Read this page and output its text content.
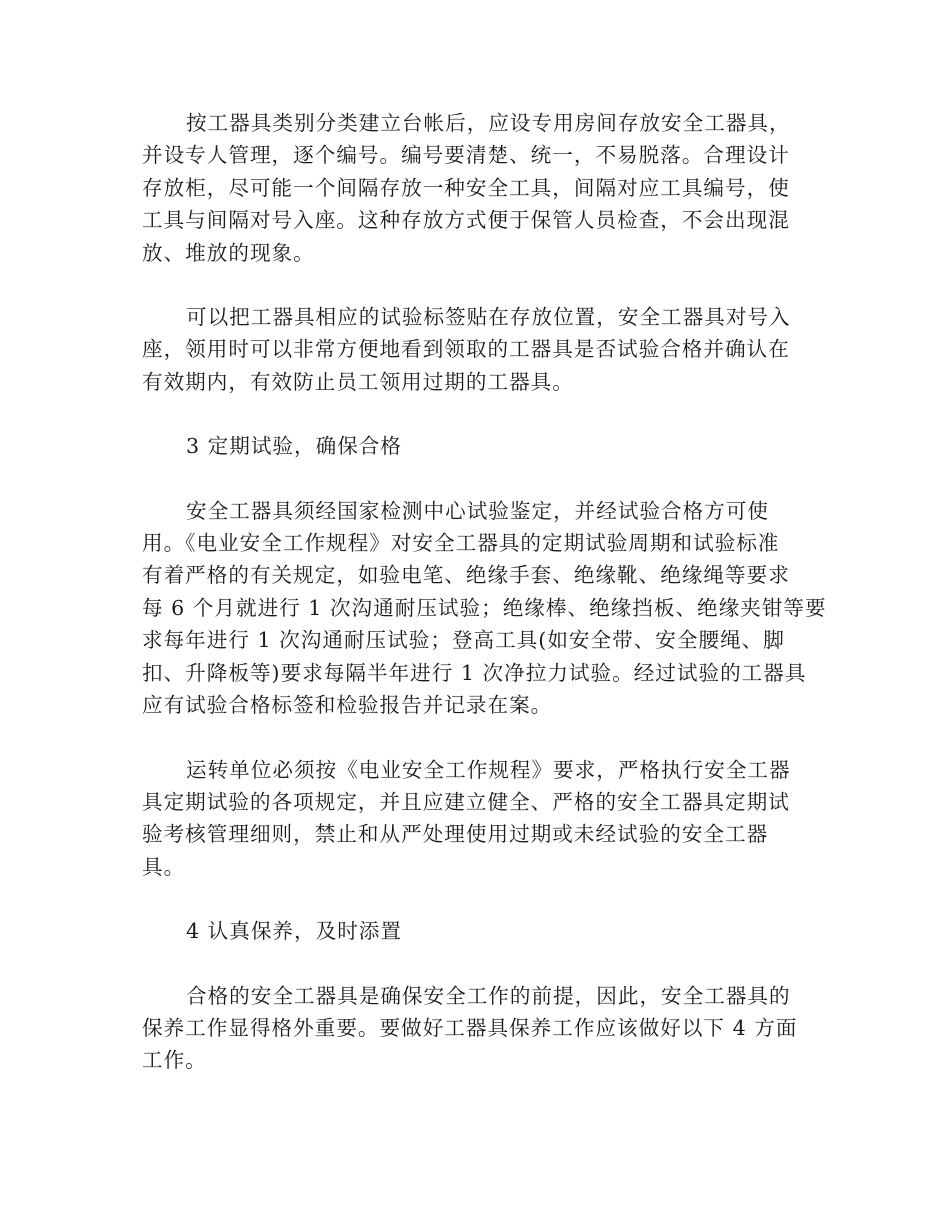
按工器具类别分类建立台帐后，应设专用房间存放安全工器具，
并设专人管理，逐个编号。编号要清楚、统一，不易脱落。合理设计
存放柜，尽可能一个间隔存放一种安全工具，间隔对应工具编号，使
工具与间隔对号入座。这种存放方式便于保管人员检查，不会出现混
放、堆放的现象。
可以把工器具相应的试验标签贴在存放位置，安全工器具对号入
座，领用时可以非常方便地看到领取的工器具是否试验合格并确认在
有效期内，有效防止员工领用过期的工器具。
3 定期试验，确保合格
安全工器具须经国家检测中心试验鉴定，并经试验合格方可使
用。《电业安全工作规程》对安全工器具的定期试验周期和试验标准
有着严格的有关规定，如验电笔、绝缘手套、绝缘靴、绝缘绳等要求
每 6 个月就进行 1 次沟通耐压试验；绝缘棒、绝缘挡板、绝缘夹钳等要
求每年进行 1 次沟通耐压试验；登高工具(如安全带、安全腰绳、脚
扣、升降板等)要求每隔半年进行 1 次净拉力试验。经过试验的工器具
应有试验合格标签和检验报告并记录在案。
运转单位必须按《电业安全工作规程》要求，严格执行安全工器
具定期试验的各项规定，并且应建立健全、严格的安全工器具定期试
验考核管理细则，禁止和从严处理使用过期或未经试验的安全工器
具。
4 认真保养，及时添置
合格的安全工器具是确保安全工作的前提，因此，安全工器具的
保养工作显得格外重要。要做好工器具保养工作应该做好以下 4 方面
工作。
